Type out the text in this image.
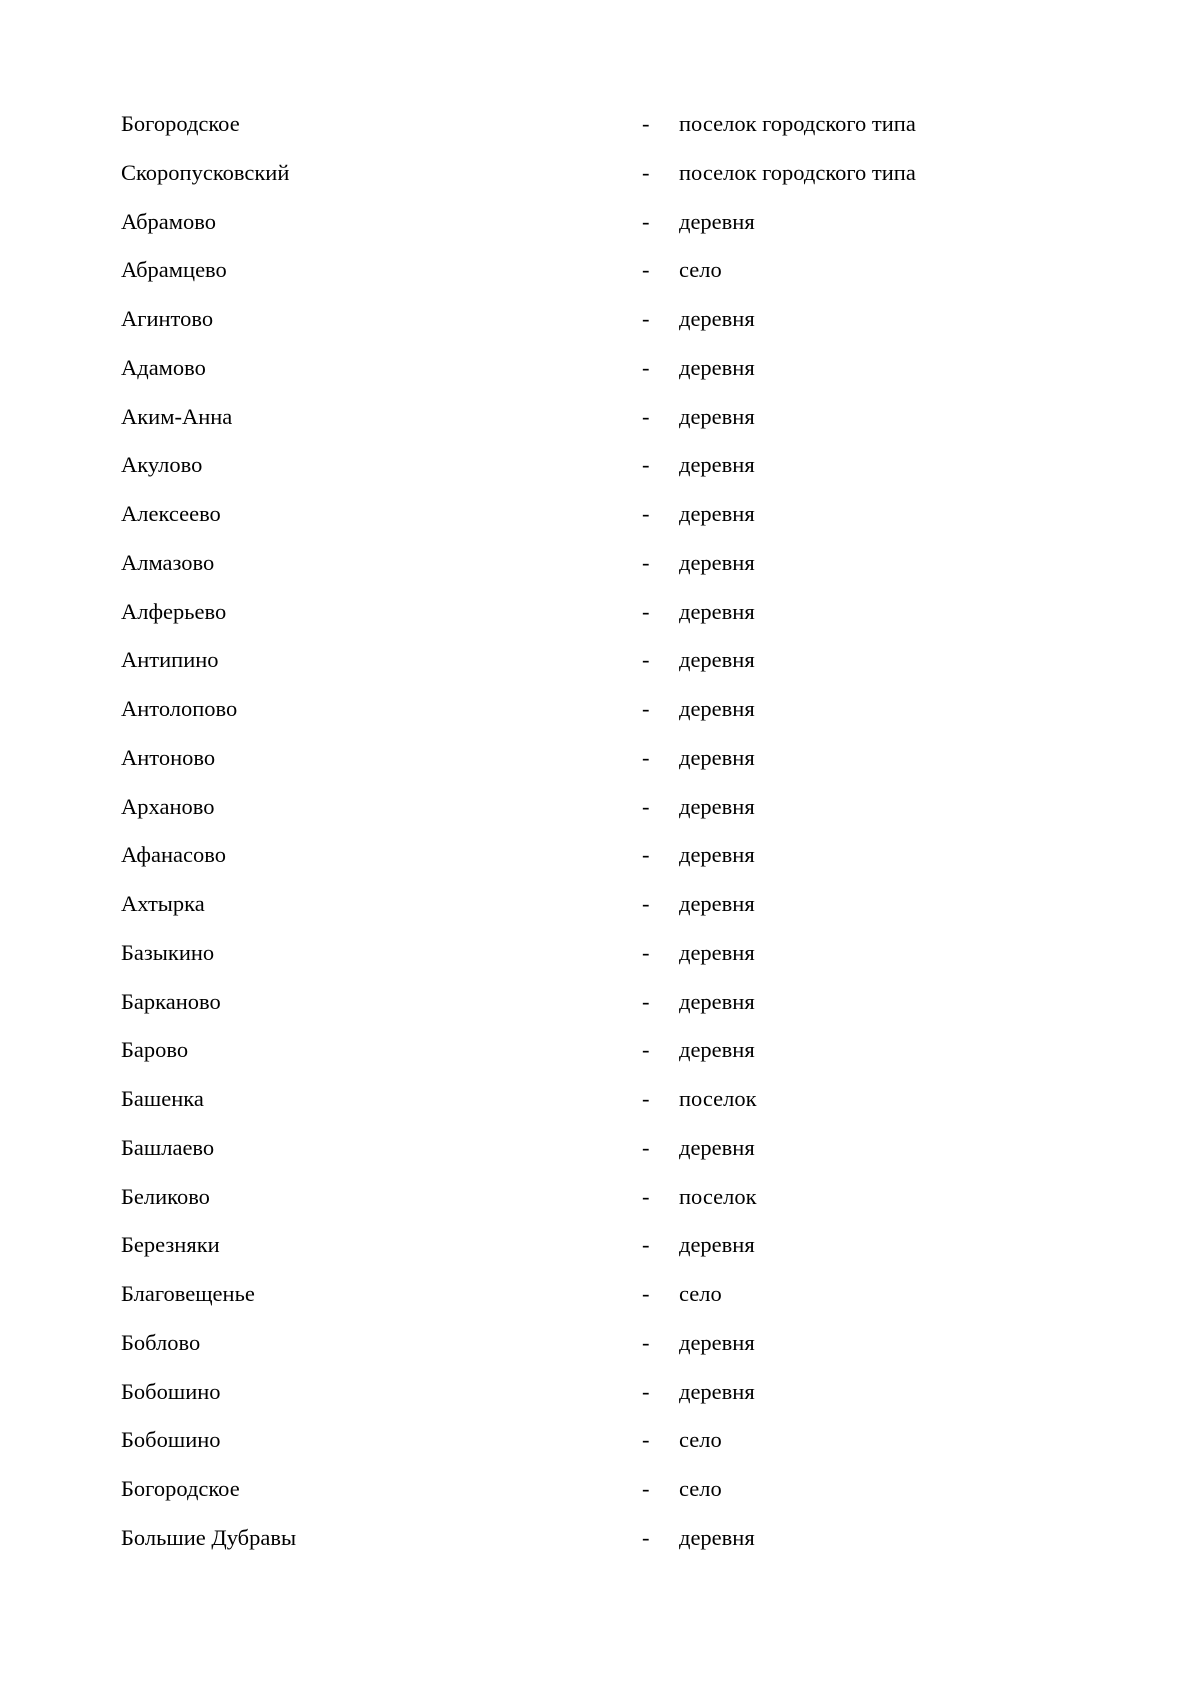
Богородское	- поселок городского типа
Скоропусковский	- поселок городского типа
Абрамово	- деревня
Абрамцево	- село
Агинтово	- деревня
Адамово	- деревня
Аким-Анна	- деревня
Акулово	- деревня
Алексеево	- деревня
Алмазово	- деревня
Алферьево	- деревня
Антипино	- деревня
Антолопово	- деревня
Антоново	- деревня
Арханово	- деревня
Афанасово	- деревня
Ахтырка	- деревня
Базыкино	- деревня
Барканово	- деревня
Барово	- деревня
Башенка	- поселок
Башлаево	- деревня
Беликово	- поселок
Березняки	- деревня
Благовещенье	- село
Боблово	- деревня
Бобошино	- деревня
Бобошино	- село
Богородское	- село
Большие Дубравы	- деревня
